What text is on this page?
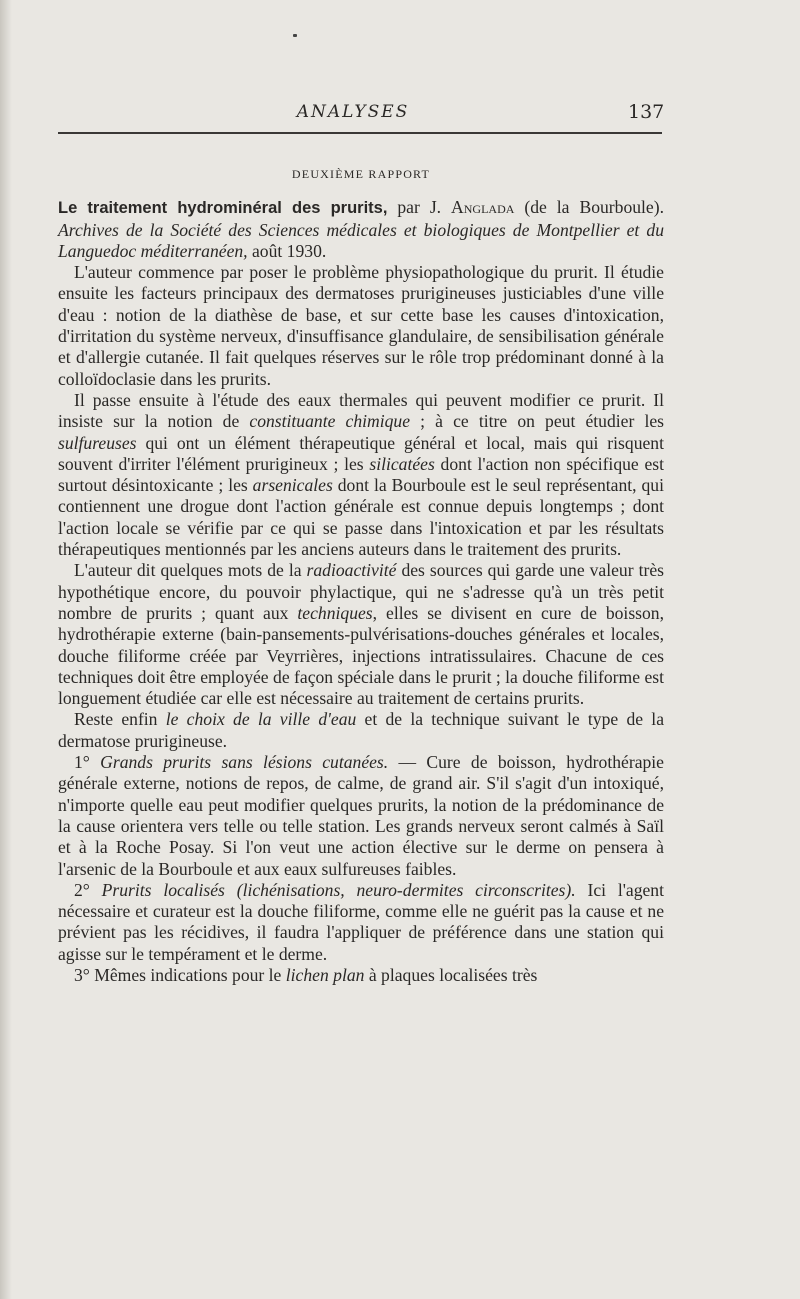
ANALYSES	137
DEUXIÈME RAPPORT

Le traitement hydrominéral des prurits, par J. Anglada (de la Bourboule). Archives de la Société des Sciences médicales et biologiques de Montpellier et du Languedoc méditerranéen, août 1930.

L'auteur commence par poser le problème physiopathologique du prurit. Il étudie ensuite les facteurs principaux des dermatoses prurigineuses justiciables d'une ville d'eau : notion de la diathèse de base, et sur cette base les causes d'intoxication, d'irritation du système nerveux, d'insuffisance glandulaire, de sensibilisation générale et d'allergie cutanée. Il fait quelques réserves sur le rôle trop prédominant donné à la colloïdoclasie dans les prurits.

Il passe ensuite à l'étude des eaux thermales qui peuvent modifier ce prurit. Il insiste sur la notion de constituante chimique ; à ce titre on peut étudier les sulfureuses qui ont un élément thérapeutique général et local, mais qui risquent souvent d'irriter l'élément prurigineux ; les silicatées dont l'action non spécifique est surtout désintoxicante ; les arsenicales dont la Bourboule est le seul représentant, qui contiennent une drogue dont l'action générale est connue depuis longtemps ; dont l'action locale se vérifie par ce qui se passe dans l'intoxication et par les résultats thérapeutiques mentionnés par les anciens auteurs dans le traitement des prurits.

L'auteur dit quelques mots de la radioactivité des sources qui garde une valeur très hypothétique encore, du pouvoir phylactique, qui ne s'adresse qu'à un très petit nombre de prurits ; quant aux techniques, elles se divisent en cure de boisson, hydrothérapie externe (bain-pansements-pulvérisations-douches générales et locales, douche filiforme créée par Veyrrières, injections intratissulaires. Chacune de ces techniques doit être employée de façon spéciale dans le prurit ; la douche filiforme est longuement étudiée car elle est nécessaire au traitement de certains prurits.

Reste enfin le choix de la ville d'eau et de la technique suivant le type de la dermatose prurigineuse.

1° Grands prurits sans lésions cutanées. — Cure de boisson, hydrothérapie générale externe, notions de repos, de calme, de grand air. S'il s'agit d'un intoxiqué, n'importe quelle eau peut modifier quelques prurits, la notion de la prédominance de la cause orientera vers telle ou telle station. Les grands nerveux seront calmés à Saïl et à la Roche Posay. Si l'on veut une action élective sur le derme on pensera à l'arsenic de la Bourboule et aux eaux sulfureuses faibles.

2° Prurits localisés (lichénisations, neuro-dermites circonscrites). Ici l'agent nécessaire et curateur est la douche filiforme, comme elle ne guérit pas la cause et ne prévient pas les récidives, il faudra l'appliquer de préférence dans une station qui agisse sur le tempérament et le derme.

3° Mêmes indications pour le lichen plan à plaques localisées très
